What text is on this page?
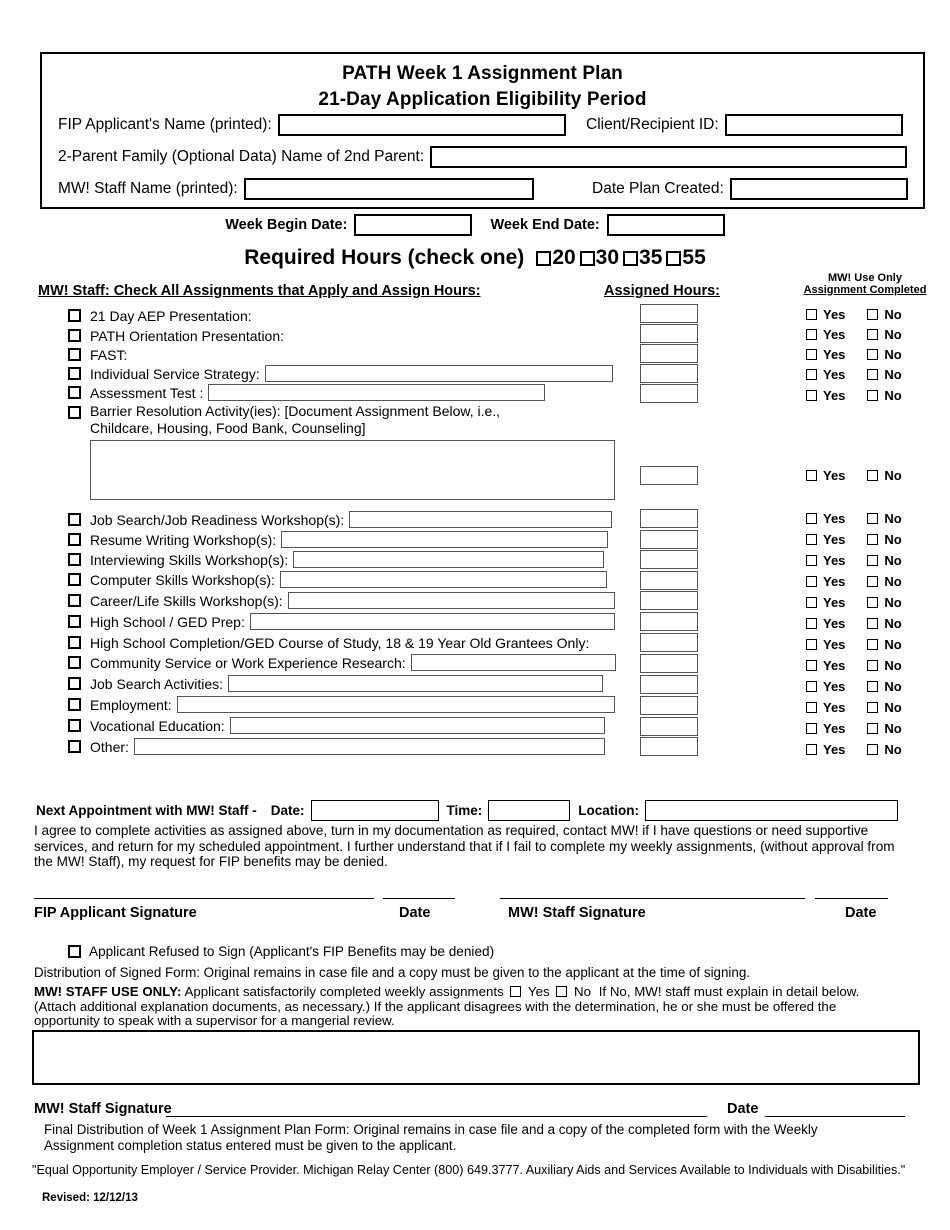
PATH Week 1 Assignment Plan
21-Day Application Eligibility Period
FIP Applicant's Name (printed):	Client/Recipient ID:
2-Parent Family (Optional Data) Name of 2nd Parent:
MW! Staff Name (printed):	Date Plan Created:
Week Begin Date:	Week End Date:
Required Hours (check one) 20 30 35 55
MW! Staff: Check All Assignments that Apply and Assign Hours:	Assigned Hours:
MW! Use Only
Assignment Completed
21 Day AEP Presentation:	Yes	No
PATH Orientation Presentation:	Yes	No
FAST:	Yes	No
Individual Service Strategy:	Yes	No
Assessment Test :	Yes	No
Barrier Resolution Activity(ies): [Document Assignment Below, i.e.,
Childcare, Housing, Food Bank, Counseling]
Yes	No
Job Search/Job Readiness Workshop(s):	Yes	No
Resume Writing Workshop(s):	Yes	No
Interviewing Skills Workshop(s):	Yes	No
Computer Skills Workshop(s):	Yes	No
Career/Life Skills Workshop(s):	Yes	No
High School / GED Prep:	Yes	No
High School Completion/GED Course of Study, 18 & 19 Year Old Grantees Only:	Yes	No
Community Service or Work Experience Research:	Yes	No
Job Search Activities:	Yes	No
Employment:	Yes	No
Vocational Education:	Yes	No
Other:	Yes	No
Next Appointment with MW! Staff -	Date:	Time:	Location:
I agree to complete activities as assigned above, turn in my documentation as required, contact MW! if I have questions or need supportive services, and return for my scheduled appointment. I further understand that if I fail to complete my weekly assignments, (without approval from the MW! Staff), my request for FIP benefits may be denied.
FIP Applicant Signature	Date	MW! Staff Signature	Date
Applicant Refused to Sign (Applicant's FIP Benefits may be denied)
Distribution of Signed Form: Original remains in case file and a copy must be given to the applicant at the time of signing.
MW! STAFF USE ONLY: Applicant satisfactorily completed weekly assignments Yes No If No, MW! staff must explain in detail below.
(Attach additional explanation documents, as necessary.) If the applicant disagrees with the determination, he or she must be offered the
opportunity to speak with a supervisor for a mangerial review.
MW! Staff Signature	Date
Final Distribution of Week 1 Assignment Plan Form: Original remains in case file and a copy of the completed form with the Weekly
Assignment completion status entered must be given to the applicant.
"Equal Opportunity Employer / Service Provider. Michigan Relay Center (800) 649.3777. Auxiliary Aids and Services Available to Individuals with Disabilities."
Revised: 12/12/13
